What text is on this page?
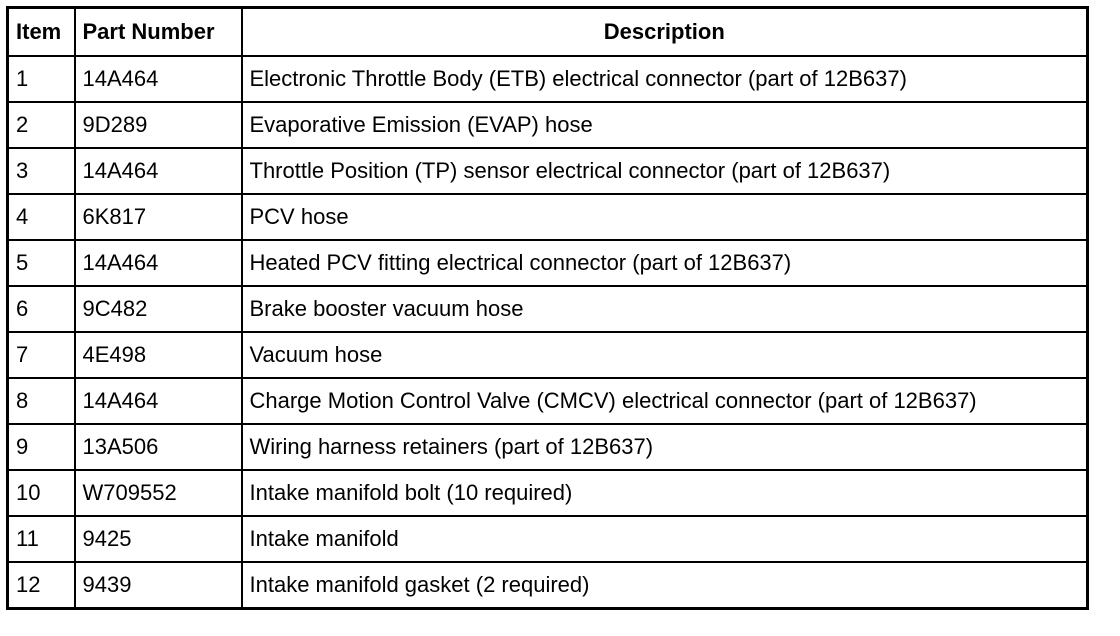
Item	Part Number	Description
1	14A464	Electronic Throttle Body (ETB) electrical connector (part of 12B637)
2	9D289	Evaporative Emission (EVAP) hose
3	14A464	Throttle Position (TP) sensor electrical connector (part of 12B637)
4	6K817	PCV hose
5	14A464	Heated PCV fitting electrical connector (part of 12B637)
6	9C482	Brake booster vacuum hose
7	4E498	Vacuum hose
8	14A464	Charge Motion Control Valve (CMCV) electrical connector (part of 12B637)
9	13A506	Wiring harness retainers (part of 12B637)
10	W709552	Intake manifold bolt (10 required)
11	9425	Intake manifold
12	9439	Intake manifold gasket (2 required)
